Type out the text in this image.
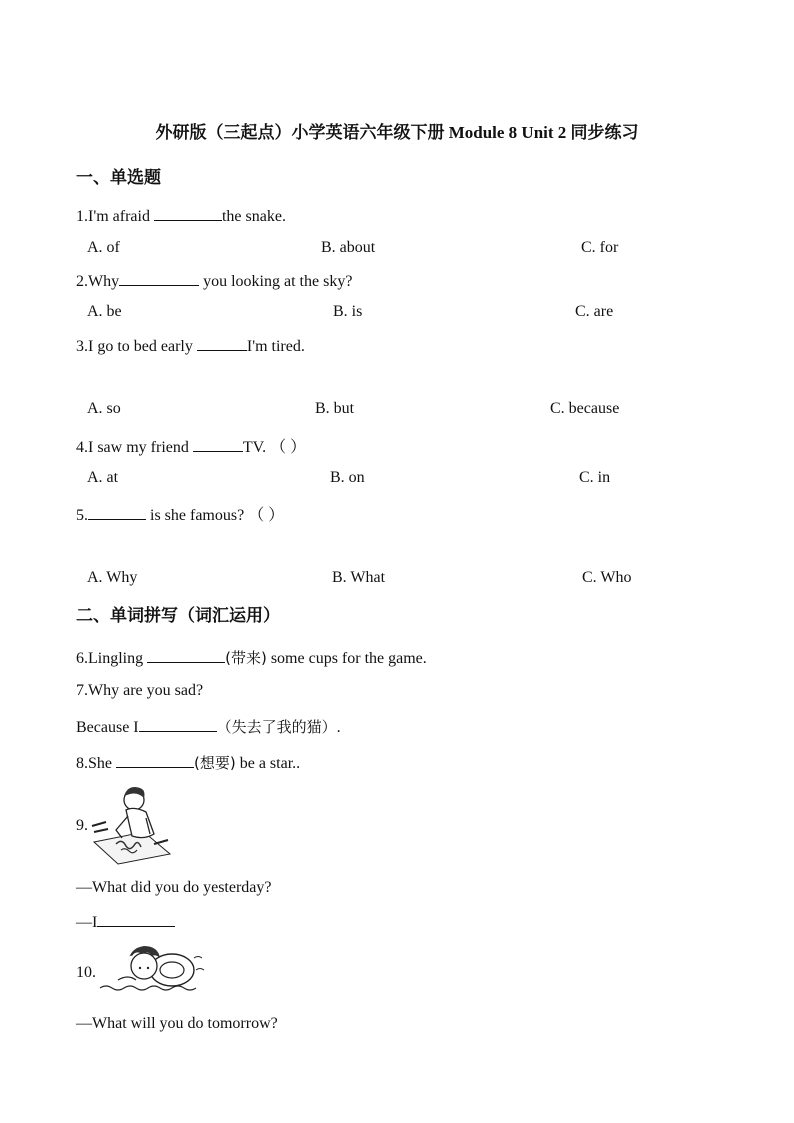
外研版（三起点）小学英语六年级下册 Module 8 Unit 2 同步练习
一、单选题
1.I'm afraid	the snake.
A. of	B. about	C. for
2.Why	you looking at the sky?
A. be	B. is	C. are
3.I go to bed early	I'm tired.
A. so	B. but	C. because
4.I saw my friend	TV. （ ）
A. at	B. on	C. in
5.	is she famous? （ ）
A. Why	B. What	C. Who
二、单词拼写（词汇运用）
6.Lingling	(带来) some cups for the game.
7.Why are you sad?
Because I	（失去了我的猫）.
8.She	(想要) be a star..
9.
—What did you do yesterday?
—I
10.
—What will you do tomorrow?
